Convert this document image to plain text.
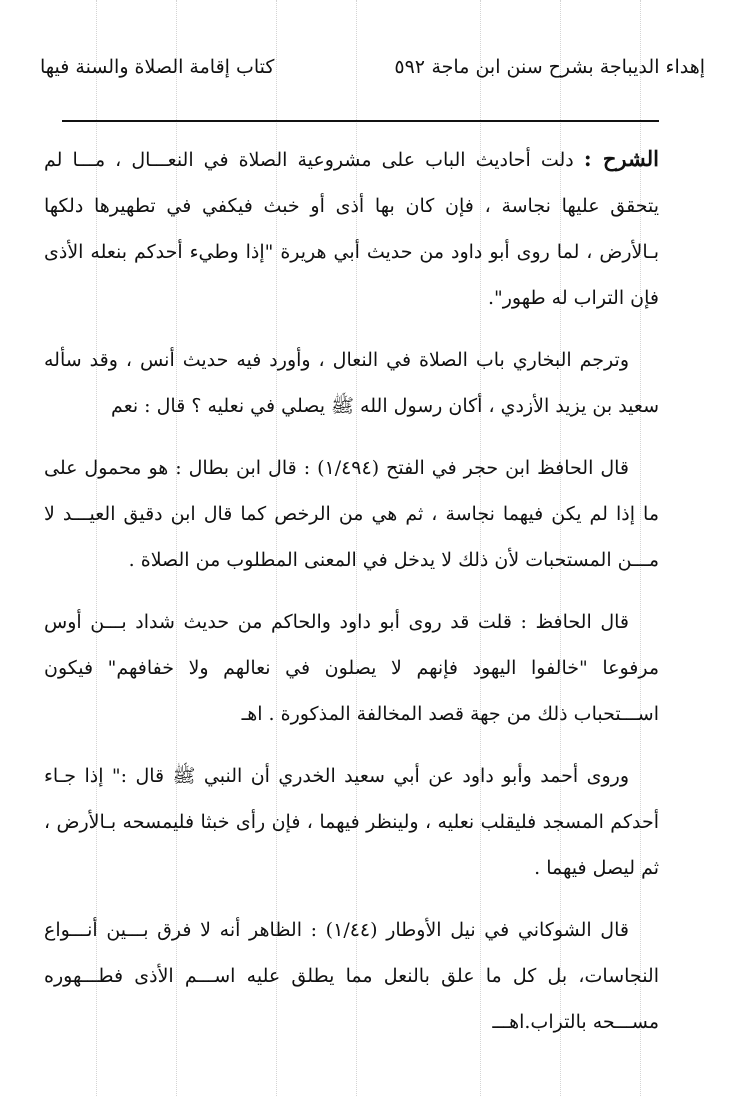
إهداء الديباجة بشرح سنن ابن ماجة
٥٩٢
كتاب إقامة الصلاة والسنة فيها

الشرح : دلت أحاديث الباب على مشروعية الصلاة في النعـــال ، مـــا لم يتحقق عليها نجاسة ، فإن كان بها أذى أو خبث فيكفي في تطهيرها دلكها بـالأرض ، لما روى أبو داود من حديث أبي هريرة "إذا وطيء أحدكم بنعله الأذى فإن التراب له طهور".

وترجم البخاري باب الصلاة في النعال ، وأورد فيه حديث أنس ، وقد سأله سعيد بن يزيد الأزدي ، أكان رسول الله ﷺ يصلي في نعليه ؟ قال : نعم

قال الحافظ ابن حجر في الفتح (١/٤٩٤) : قال ابن بطال : هو محمول على ما إذا لم يكن فيهما نجاسة ، ثم هي من الرخص كما قال ابن دقيق العيـــد لا مـــن المستحبات لأن ذلك لا يدخل في المعنى المطلوب من الصلاة .

قال الحافظ : قلت قد روى أبو داود والحاكم من حديث شداد بـــن أوس مرفوعا "خالفوا اليهود فإنهم لا يصلون في نعالهم ولا خفافهم" فيكون اســـتحباب ذلك من جهة قصد المخالفة المذكورة . اهـ

وروى أحمد وأبو داود عن أبي سعيد الخدري أن النبي ﷺ قال :" إذا جـاء أحدكم المسجد فليقلب نعليه ، ولينظر فيهما ، فإن رأى خبثا فليمسحه بـالأرض ، ثم ليصل فيهما .

قال الشوكاني في نيل الأوطار (١/٤٤) : الظاهر أنه لا فرق بـــين أنـــواع النجاسات، بل كل ما علق بالنعل مما يطلق عليه اســـم الأذى فطـــهوره مســـحه بالتراب.اهـــ
